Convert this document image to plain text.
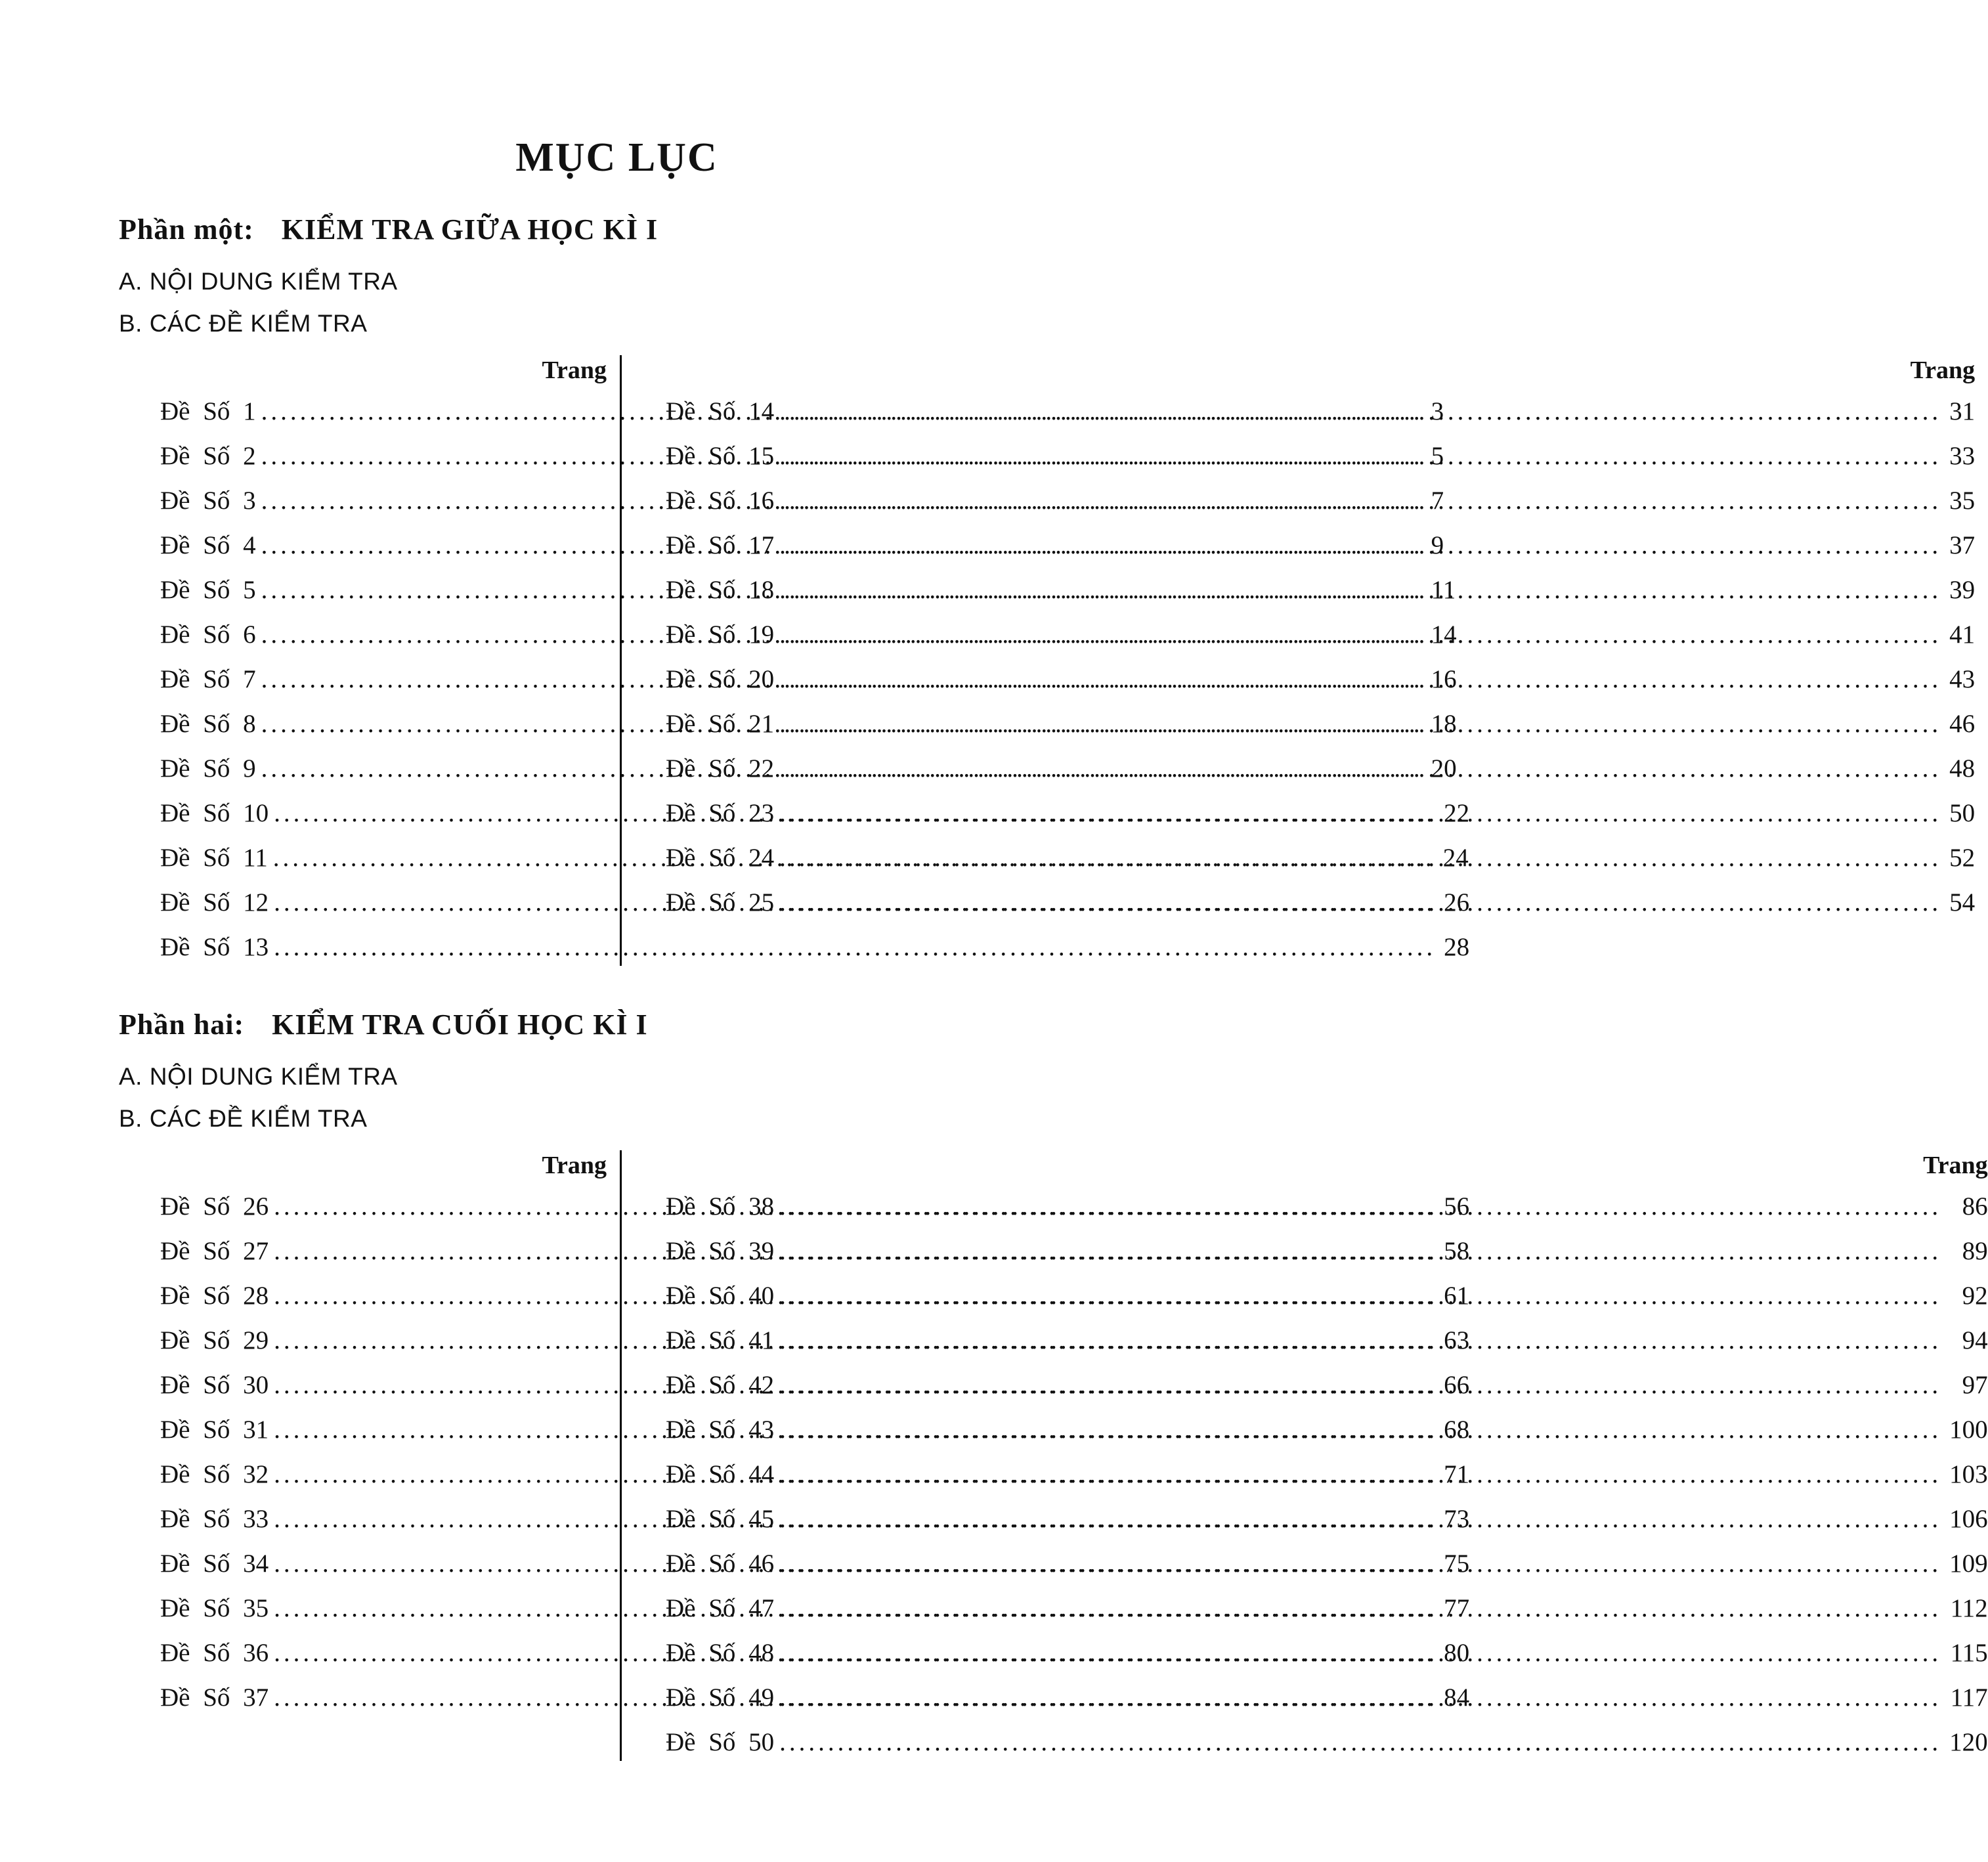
MỤC LỤC
Phần một: KIỂM TRA GIỮA HỌC KÌ I
A. NỘI DUNG KIỂM TRA
B. CÁC ĐỀ KIỂM TRA
Trang
Đề Số 1 .....	3
Đề Số 2 .....	5
Đề Số 3 .....	7
Đề Số 4 .....	9
Đề Số 5 .....	11
Đề Số 6 .....	14
Đề Số 7 .....	16
Đề Số 8 .....	18
Đề Số 9 .....	20
Đề Số 10 .....	22
Đề Số 11 .....	24
Đề Số 12 .....	26
Đề Số 13 .....	28
Trang
Đề Số 14 .....	31
Đề Số 15 .....	33
Đề Số 16 .....	35
Đề Số 17 .....	37
Đề Số 18 .....	39
Đề Số 19 .....	41
Đề Số 20 .....	43
Đề Số 21 .....	46
Đề Số 22 .....	48
Đề Số 23 .....	50
Đề Số 24 .....	52
Đề Số 25 .....	54
Phần hai: KIỂM TRA CUỐI HỌC KÌ I
A. NỘI DUNG KIỂM TRA
B. CÁC ĐỀ KIỂM TRA
Trang
Đề Số 26 .....	56
Đề Số 27 .....	58
Đề Số 28 .....	61
Đề Số 29 .....	63
Đề Số 30 .....	66
Đề Số 31 .....	68
Đề Số 32 .....	71
Đề Số 33 .....	73
Đề Số 34 .....	75
Đề Số 35 .....	77
Đề Số 36 .....	80
Đề Số 37 .....	84
Trang
Đề Số 38 .....	86
Đề Số 39 .....	89
Đề Số 40 .....	92
Đề Số 41 .....	94
Đề Số 42 .....	97
Đề Số 43 .....	100
Đề Số 44 .....	103
Đề Số 45 .....	106
Đề Số 46 .....	109
Đề Số 47 .....	112
Đề Số 48 .....	115
Đề Số 49 .....	117
Đề Số 50 .....	120
